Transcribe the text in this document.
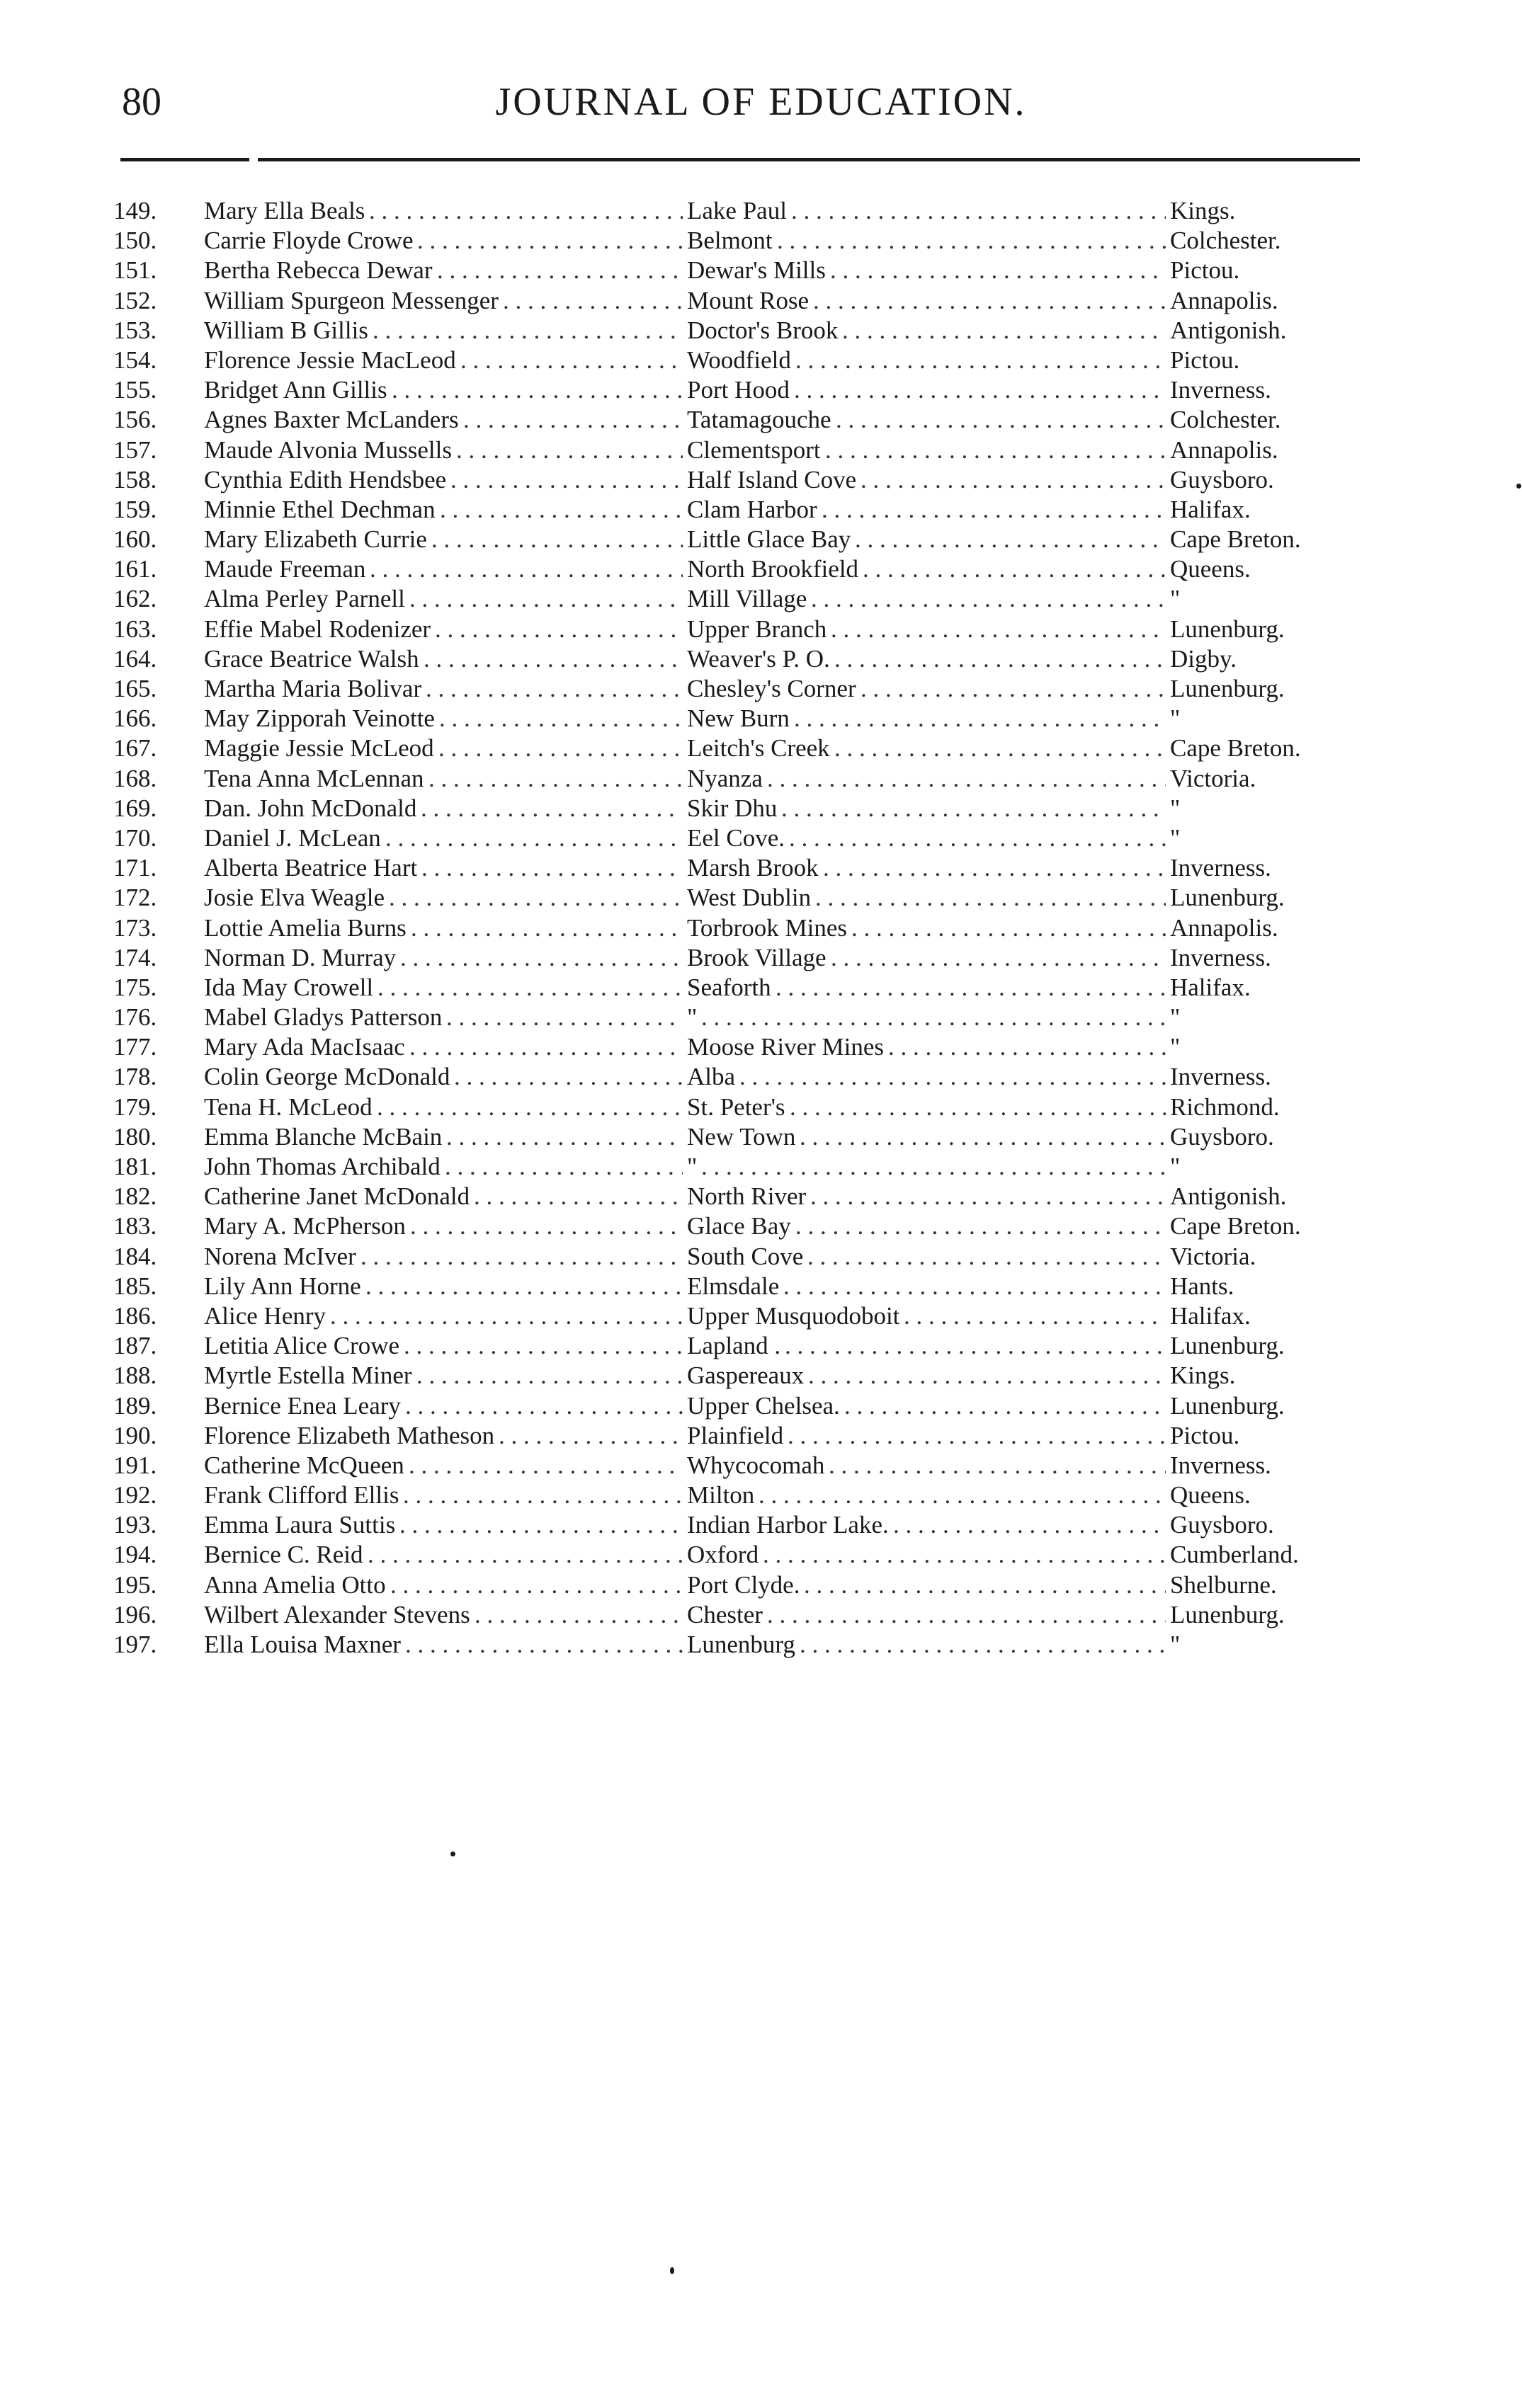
80	JOURNAL OF EDUCATION.
149.	Mary Ella Beals . . .	Lake Paul . . .	Kings.
150.	Carrie Floyde Crowe . . .	Belmont . . .	Colchester.
151.	Bertha Rebecca Dewar . . .	Dewar's Mills . . .	Pictou.
152.	William Spurgeon Messenger . . .	Mount Rose . . .	Annapolis.
153.	William B Gillis . . .	Doctor's Brook . . .	Antigonish.
154.	Florence Jessie MacLeod . . .	Woodfield . . .	Pictou.
155.	Bridget Ann Gillis . . .	Port Hood . . .	Inverness.
156.	Agnes Baxter McLanders . . .	Tatamagouche . . .	Colchester.
157.	Maude Alvonia Mussells . . .	Clementsport . . .	Annapolis.
158.	Cynthia Edith Hendsbee . . .	Half Island Cove . . .	Guysboro.
159.	Minnie Ethel Dechman . . .	Clam Harbor . . .	Halifax.
160.	Mary Elizabeth Currie . . .	Little Glace Bay . . .	Cape Breton.
161.	Maude Freeman . . .	North Brookfield . . .	Queens.
162.	Alma Perley Parnell . . .	Mill Village . . .	"
163.	Effie Mabel Rodenizer . . .	Upper Branch . . .	Lunenburg.
164.	Grace Beatrice Walsh . . .	Weaver's P. O. . . .	Digby.
165.	Martha Maria Bolivar . . .	Chesley's Corner . . .	Lunenburg.
166.	May Zipporah Veinotte . . .	New Burn . . .	"
167.	Maggie Jessie McLeod . . .	Leitch's Creek . . .	Cape Breton.
168.	Tena Anna McLennan . . .	Nyanza . . .	Victoria.
169.	Dan. John McDonald . . .	Skir Dhu . . .	"
170.	Daniel J. McLean . . .	Eel Cove. . . .	"
171.	Alberta Beatrice Hart . . .	Marsh Brook . . .	Inverness.
172.	Josie Elva Weagle . . .	West Dublin . . .	Lunenburg.
173.	Lottie Amelia Burns . . .	Torbrook Mines . . .	Annapolis.
174.	Norman D. Murray . . .	Brook Village . . .	Inverness.
175.	Ida May Crowell . . .	Seaforth . . .	Halifax.
176.	Mabel Gladys Patterson . . .	" . . .	"
177.	Mary Ada MacIsaac . . .	Moose River Mines . . .	"
178.	Colin George McDonald . . .	Alba . . .	Inverness.
179.	Tena H. McLeod . . .	St. Peter's . . .	Richmond.
180.	Emma Blanche McBain . . .	New Town . . .	Guysboro.
181.	John Thomas Archibald . . .	" . . .	"
182.	Catherine Janet McDonald . . .	North River . . .	Antigonish.
183.	Mary A. McPherson . . .	Glace Bay . . .	Cape Breton.
184.	Norena McIver . . .	South Cove . . .	Victoria.
185.	Lily Ann Horne . . .	Elmsdale . . .	Hants.
186.	Alice Henry . . .	Upper Musquodoboit . . .	Halifax.
187.	Letitia Alice Crowe . . .	Lapland . . . .	Lunenburg.
188.	Myrtle Estella Miner . . .	Gaspereaux . . .	Kings.
189.	Bernice Enea Leary . . .	Upper Chelsea. . . .	Lunenburg.
190.	Florence Elizabeth Matheson . . .	Plainfield . . .	Pictou.
191.	Catherine McQueen . . .	Whycocomah . . .	Inverness.
192.	Frank Clifford Ellis . . .	Milton . . .	Queens.
193.	Emma Laura Suttis . . .	Indian Harbor Lake. . . .	Guysboro.
194.	Bernice C. Reid . . .	Oxford . . .	Cumberland.
195.	Anna Amelia Otto . . .	Port Clyde. . . .	Shelburne.
196.	Wilbert Alexander Stevens . . .	Chester . . .	Lunenburg.
197.	Ella Louisa Maxner . . .	Lunenburg . . .	"
